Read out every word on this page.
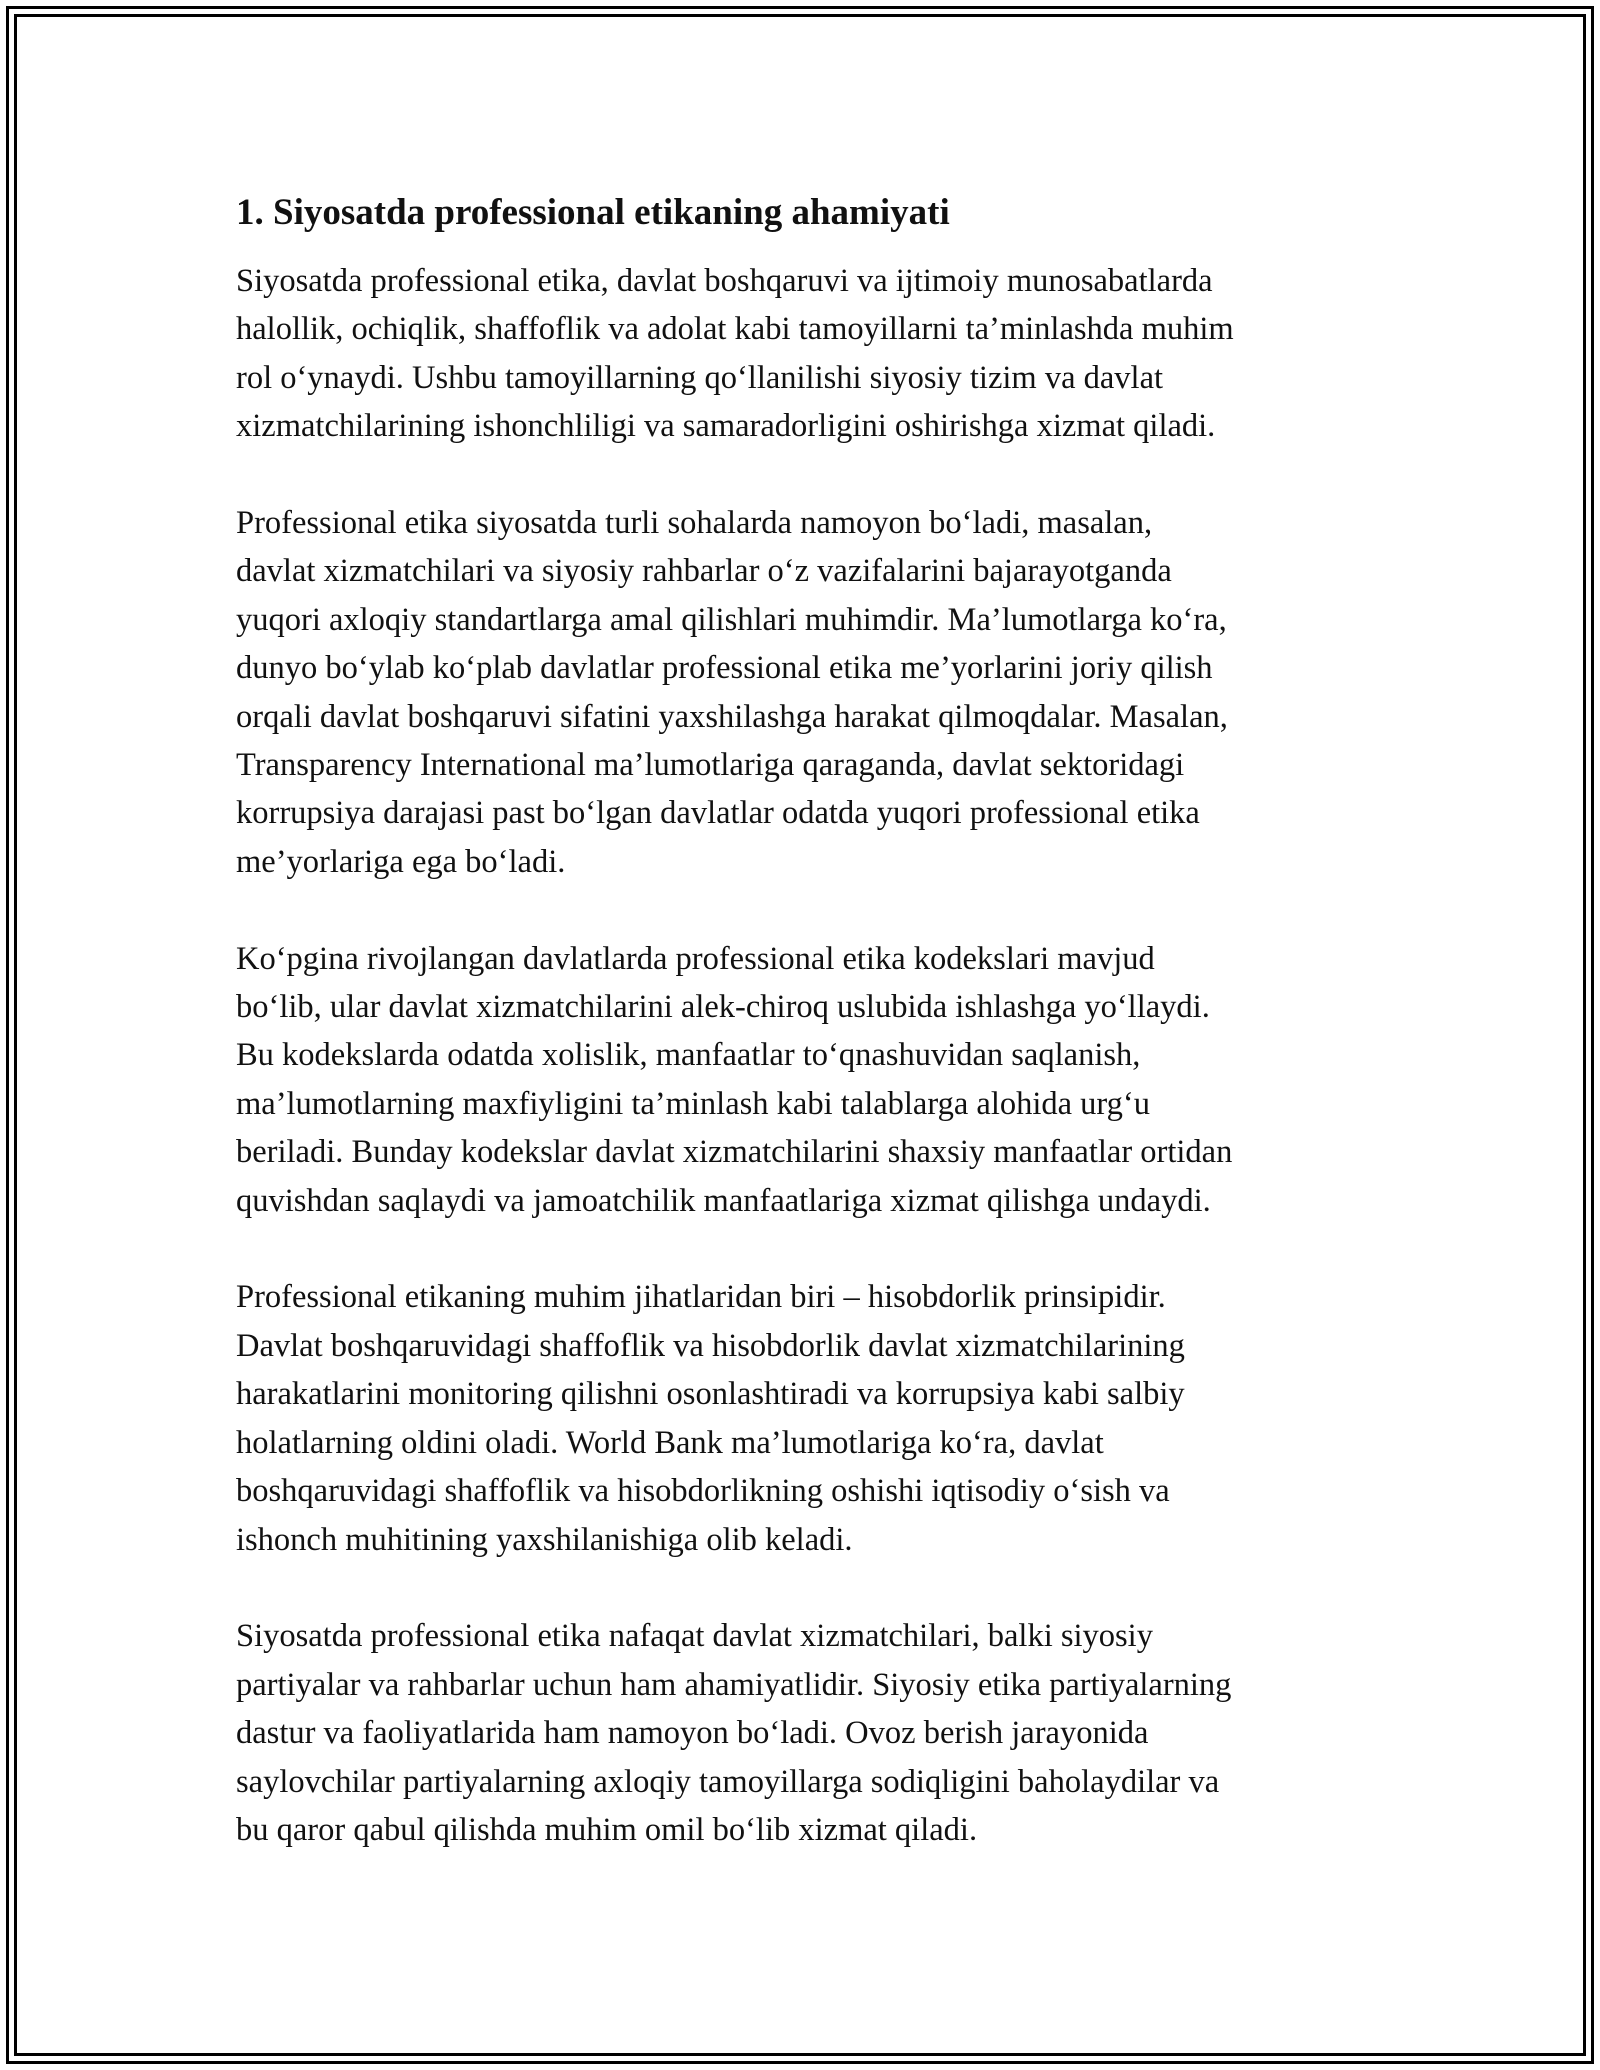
1. Siyosatda professional etikaning ahamiyati

Siyosatda professional etika, davlat boshqaruvi va ijtimoiy munosabatlarda
halollik, ochiqlik, shaffoflik va adolat kabi tamoyillarni ta’minlashda muhim
rol o‘ynaydi. Ushbu tamoyillarning qo‘llanilishi siyosiy tizim va davlat
xizmatchilarining ishonchliligi va samaradorligini oshirishga xizmat qiladi.

Professional etika siyosatda turli sohalarda namoyon bo‘ladi, masalan,
davlat xizmatchilari va siyosiy rahbarlar o‘z vazifalarini bajarayotganda
yuqori axloqiy standartlarga amal qilishlari muhimdir. Ma’lumotlarga ko‘ra,
dunyo bo‘ylab ko‘plab davlatlar professional etika me’yorlarini joriy qilish
orqali davlat boshqaruvi sifatini yaxshilashga harakat qilmoqdalar. Masalan,
Transparency International ma’lumotlariga qaraganda, davlat sektoridagi
korrupsiya darajasi past bo‘lgan davlatlar odatda yuqori professional etika
me’yorlariga ega bo‘ladi.

Ko‘pgina rivojlangan davlatlarda professional etika kodekslari mavjud
bo‘lib, ular davlat xizmatchilarini alek-chiroq uslubida ishlashga yo‘llaydi.
Bu kodekslarda odatda xolislik, manfaatlar to‘qnashuvidan saqlanish,
ma’lumotlarning maxfiyligini ta’minlash kabi talablarga alohida urg‘u
beriladi. Bunday kodekslar davlat xizmatchilarini shaxsiy manfaatlar ortidan
quvishdan saqlaydi va jamoatchilik manfaatlariga xizmat qilishga undaydi.

Professional etikaning muhim jihatlaridan biri – hisobdorlik prinsipidir.
Davlat boshqaruvidagi shaffoflik va hisobdorlik davlat xizmatchilarining
harakatlarini monitoring qilishni osonlashtiradi va korrupsiya kabi salbiy
holatlarning oldini oladi. World Bank ma’lumotlariga ko‘ra, davlat
boshqaruvidagi shaffoflik va hisobdorlikning oshishi iqtisodiy o‘sish va
ishonch muhitining yaxshilanishiga olib keladi.

Siyosatda professional etika nafaqat davlat xizmatchilari, balki siyosiy
partiyalar va rahbarlar uchun ham ahamiyatlidir. Siyosiy etika partiyalarning
dastur va faoliyatlarida ham namoyon bo‘ladi. Ovoz berish jarayonida
saylovchilar partiyalarning axloqiy tamoyillarga sodiqligini baholaydilar va
bu qaror qabul qilishda muhim omil bo‘lib xizmat qiladi.
